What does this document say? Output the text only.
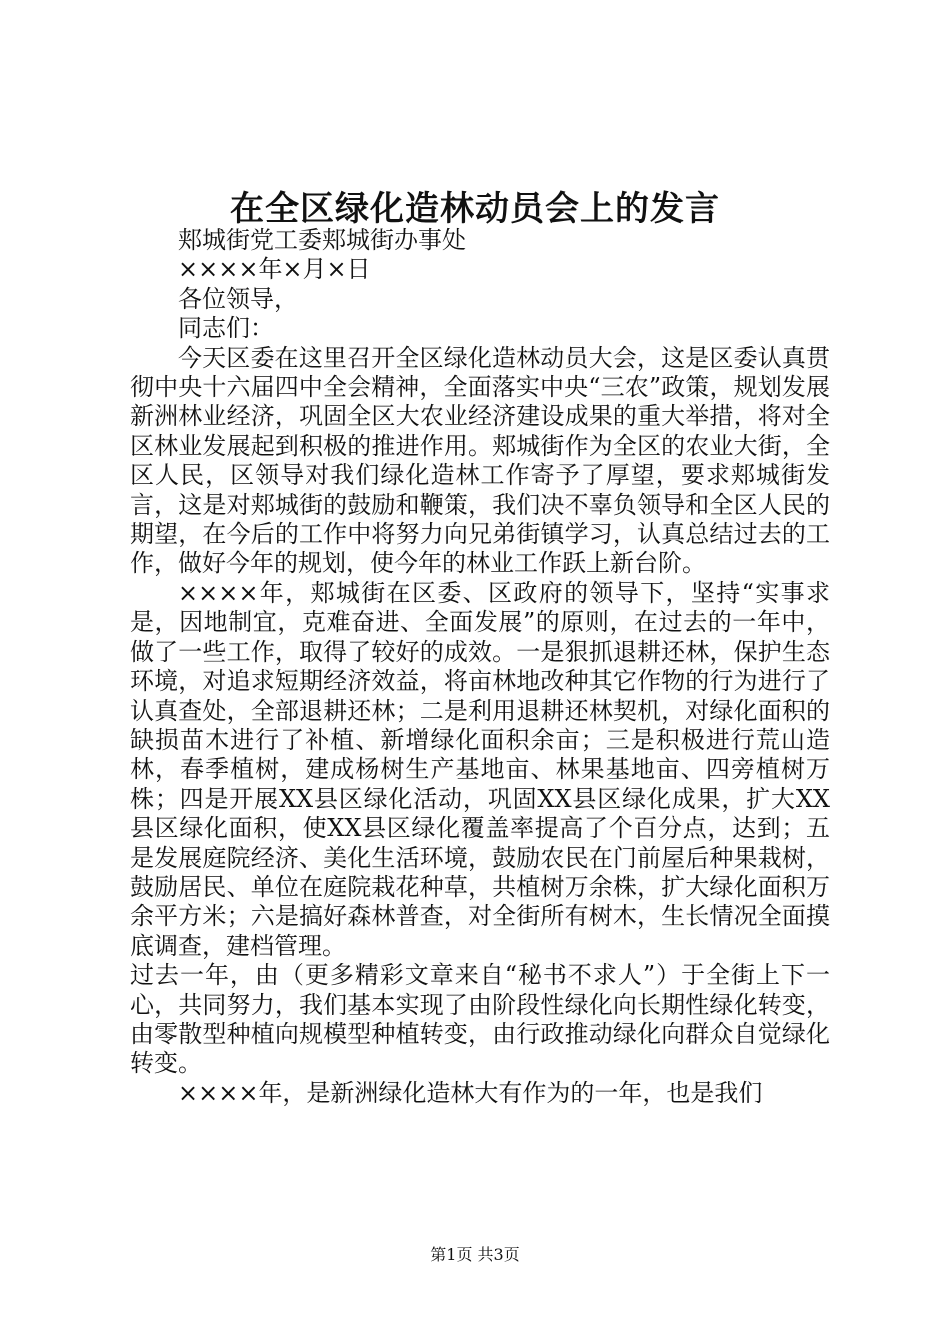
在全区绿化造林动员会上的发言

郏城街党工委郏城街办事处

××××年×月×日

各位领导，

同志们：

今天区委在这里召开全区绿化造林动员大会，这是区委认真贯彻中央十六届四中全会精神，全面落实中央“三农”政策，规划发展新洲林业经济，巩固全区大农业经济建设成果的重大举措，将对全区林业发展起到积极的推进作用。郏城街作为全区的农业大街，全区人民，区领导对我们绿化造林工作寄予了厚望，要求郏城街发言，这是对郏城街的鼓励和鞭策，我们决不辜负领导和全区人民的期望，在今后的工作中将努力向兄弟街镇学习，认真总结过去的工作，做好今年的规划，使今年的林业工作跃上新台阶。

××××年，郏城街在区委、区政府的领导下，坚持“实事求是，因地制宜，克难奋进、全面发展”的原则，在过去的一年中，做了一些工作，取得了较好的成效。一是狠抓退耕还林，保护生态环境，对追求短期经济效益，将亩林地改种其它作物的行为进行了认真查处，全部退耕还林；二是利用退耕还林契机，对绿化面积的缺损苗木进行了补植、新增绿化面积余亩；三是积极进行荒山造林，春季植树，建成杨树生产基地亩、林果基地亩、四旁植树万株；四是开展XX县区绿化活动，巩固XX县区绿化成果，扩大XX县区绿化面积，使XX县区绿化覆盖率提高了个百分点，达到；五是发展庭院经济、美化生活环境，鼓励农民在门前屋后种果栽树，鼓励居民、单位在庭院栽花种草，共植树万余株，扩大绿化面积万余平方米；六是搞好森林普查，对全街所有树木，生长情况全面摸底调查，建档管理。

过去一年，由（更多精彩文章来自“秘书不求人”）于全街上下一心，共同努力，我们基本实现了由阶段性绿化向长期性绿化转变，由零散型种植向规模型种植转变，由行政推动绿化向群众自觉绿化转变。

××××年，是新洲绿化造林大有作为的一年，也是我们

第1页 共3页
